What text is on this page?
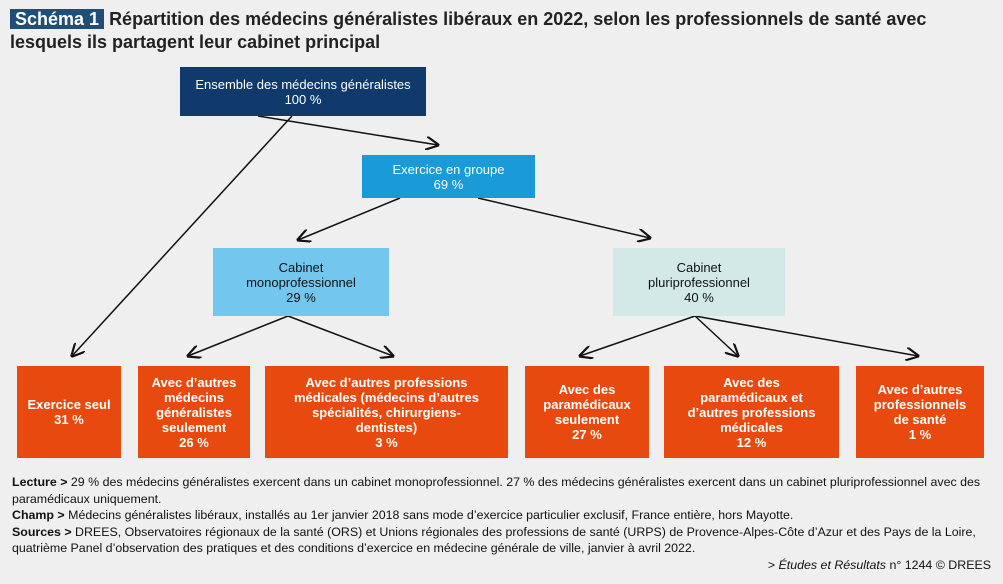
Schéma 1 Répartition des médecins généralistes libéraux en 2022, selon les professionnels de santé avec lesquels ils partagent leur cabinet principal
Ensemble des médecins généralistes
100 %
Exercice en groupe
69 %
Cabinet monoprofessionnel
29 %
Cabinet pluriprofessionnel
40 %
Exercice seul
31 %
Avec d’autres médecins généralistes seulement
26 %
Avec d’autres professions médicales (médecins d’autres spécialités, chirurgiens-dentistes)
3 %
Avec des paramédicaux seulement
27 %
Avec des paramédicaux et d’autres professions médicales
12 %
Avec d’autres professionnels de santé
1 %

Lecture > 29 % des médecins généralistes exercent dans un cabinet monoprofessionnel. 27 % des médecins généralistes exercent dans un cabinet pluriprofessionnel avec des paramédicaux uniquement.

Champ > Médecins généralistes libéraux, installés au 1er janvier 2018 sans mode d’exercice particulier exclusif, France entière, hors Mayotte.

Sources > DREES, Observatoires régionaux de la santé (ORS) et Unions régionales des professions de santé (URPS) de Provence-Alpes-Côte d’Azur et des Pays de la Loire, quatrième Panel d’observation des pratiques et des conditions d’exercice en médecine générale de ville, janvier à avril 2022.

> Études et Résultats n° 1244 © DREES
